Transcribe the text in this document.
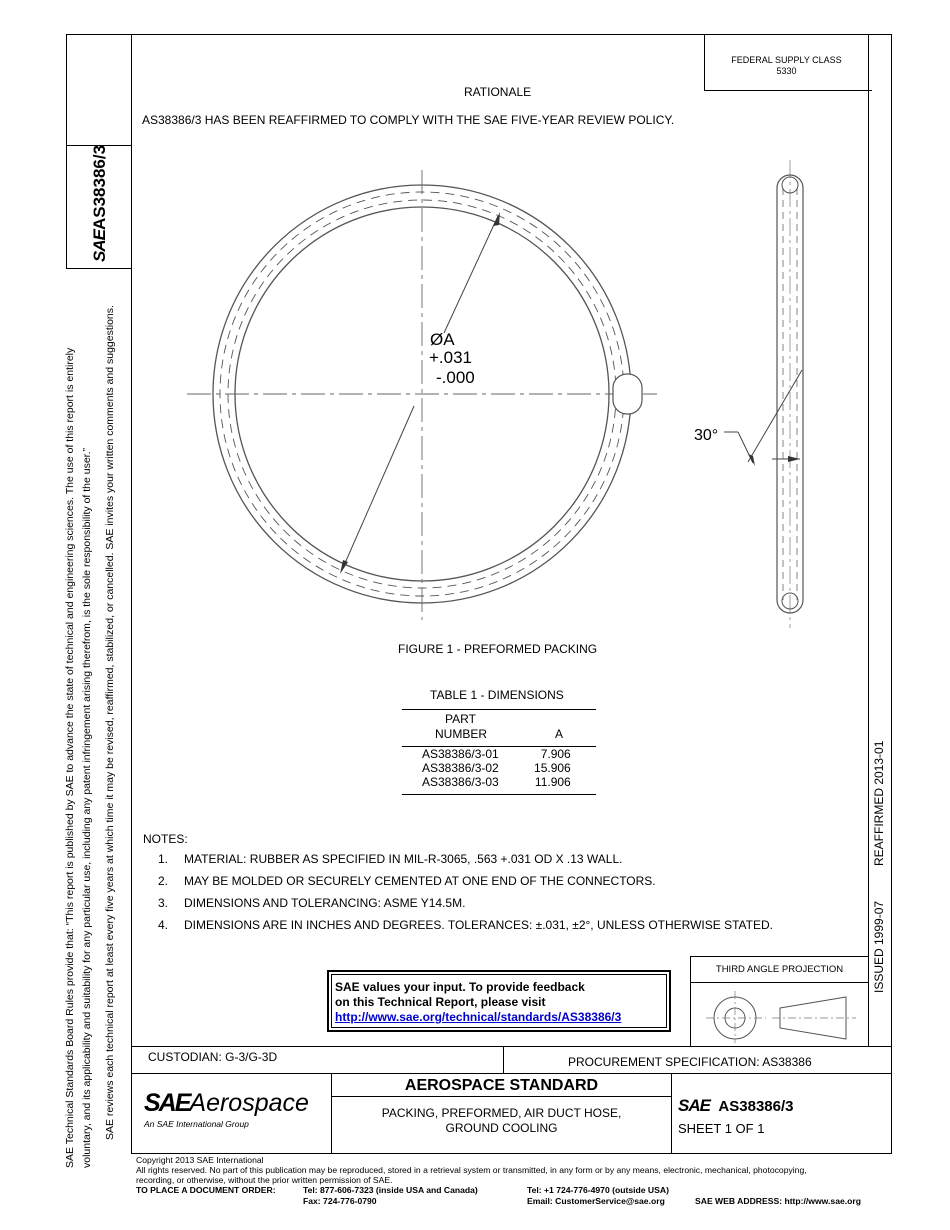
FEDERAL SUPPLY CLASS
5330
SAEAS38386/3
RATIONALE
AS38386/3 HAS BEEN REAFFIRMED TO COMPLY WITH THE SAE FIVE-YEAR REVIEW POLICY.
ØA
+.031
-.000
30°
FIGURE 1 - PREFORMED PACKING
TABLE 1 - DIMENSIONS
PART
NUMBER	A
AS38386/3-01	7.906
AS38386/3-02	15.906
AS38386/3-03	11.906
NOTES:
1. MATERIAL: RUBBER AS SPECIFIED IN MIL-R-3065, .563 +.031 OD X .13 WALL.
2. MAY BE MOLDED OR SECURELY CEMENTED AT ONE END OF THE CONNECTORS.
3. DIMENSIONS AND TOLERANCING: ASME Y14.5M.
4. DIMENSIONS ARE IN INCHES AND DEGREES. TOLERANCES: ±.031, ±2°, UNLESS OTHERWISE STATED.
SAE Technical Standards Board Rules provide that: “This report is published by SAE to advance the state of technical and engineering sciences. The use of this report is entirely voluntary, and its applicability and suitability for any particular use, including any patent infringement arising therefrom, is the sole responsibility of the user.” SAE reviews each technical report at least every five years at which time it may be revised, reaffirmed, stabilized, or cancelled. SAE invites your written comments and suggestions.	REAFFIRMED 2013-01
ISSUED 1999-07
SAE values your input. To provide feedback
on this Technical Report, please visit
http://www.sae.org/technical/standards/AS38386/3
THIRD ANGLE PROJECTION
CUSTODIAN: G-3/G-3D	PROCUREMENT SPECIFICATION: AS38386
SAEAerospace
An SAE International Group
AEROSPACE STANDARD
PACKING, PREFORMED, AIR DUCT HOSE,
GROUND COOLING
SAE AS38386/3
SHEET 1 OF 1
Copyright 2013 SAE International
All rights reserved. No part of this publication may be reproduced, stored in a retrieval system or transmitted, in any form or by any means, electronic, mechanical, photocopying,
recording, or otherwise, without the prior written permission of SAE.
TO PLACE A DOCUMENT ORDER:	Tel: 877-606-7323 (inside USA and Canada)
Fax: 724-776-0790
Tel: +1 724-776-4970 (outside USA)
Email: CustomerService@sae.org	SAE WEB ADDRESS: http://www.sae.org
